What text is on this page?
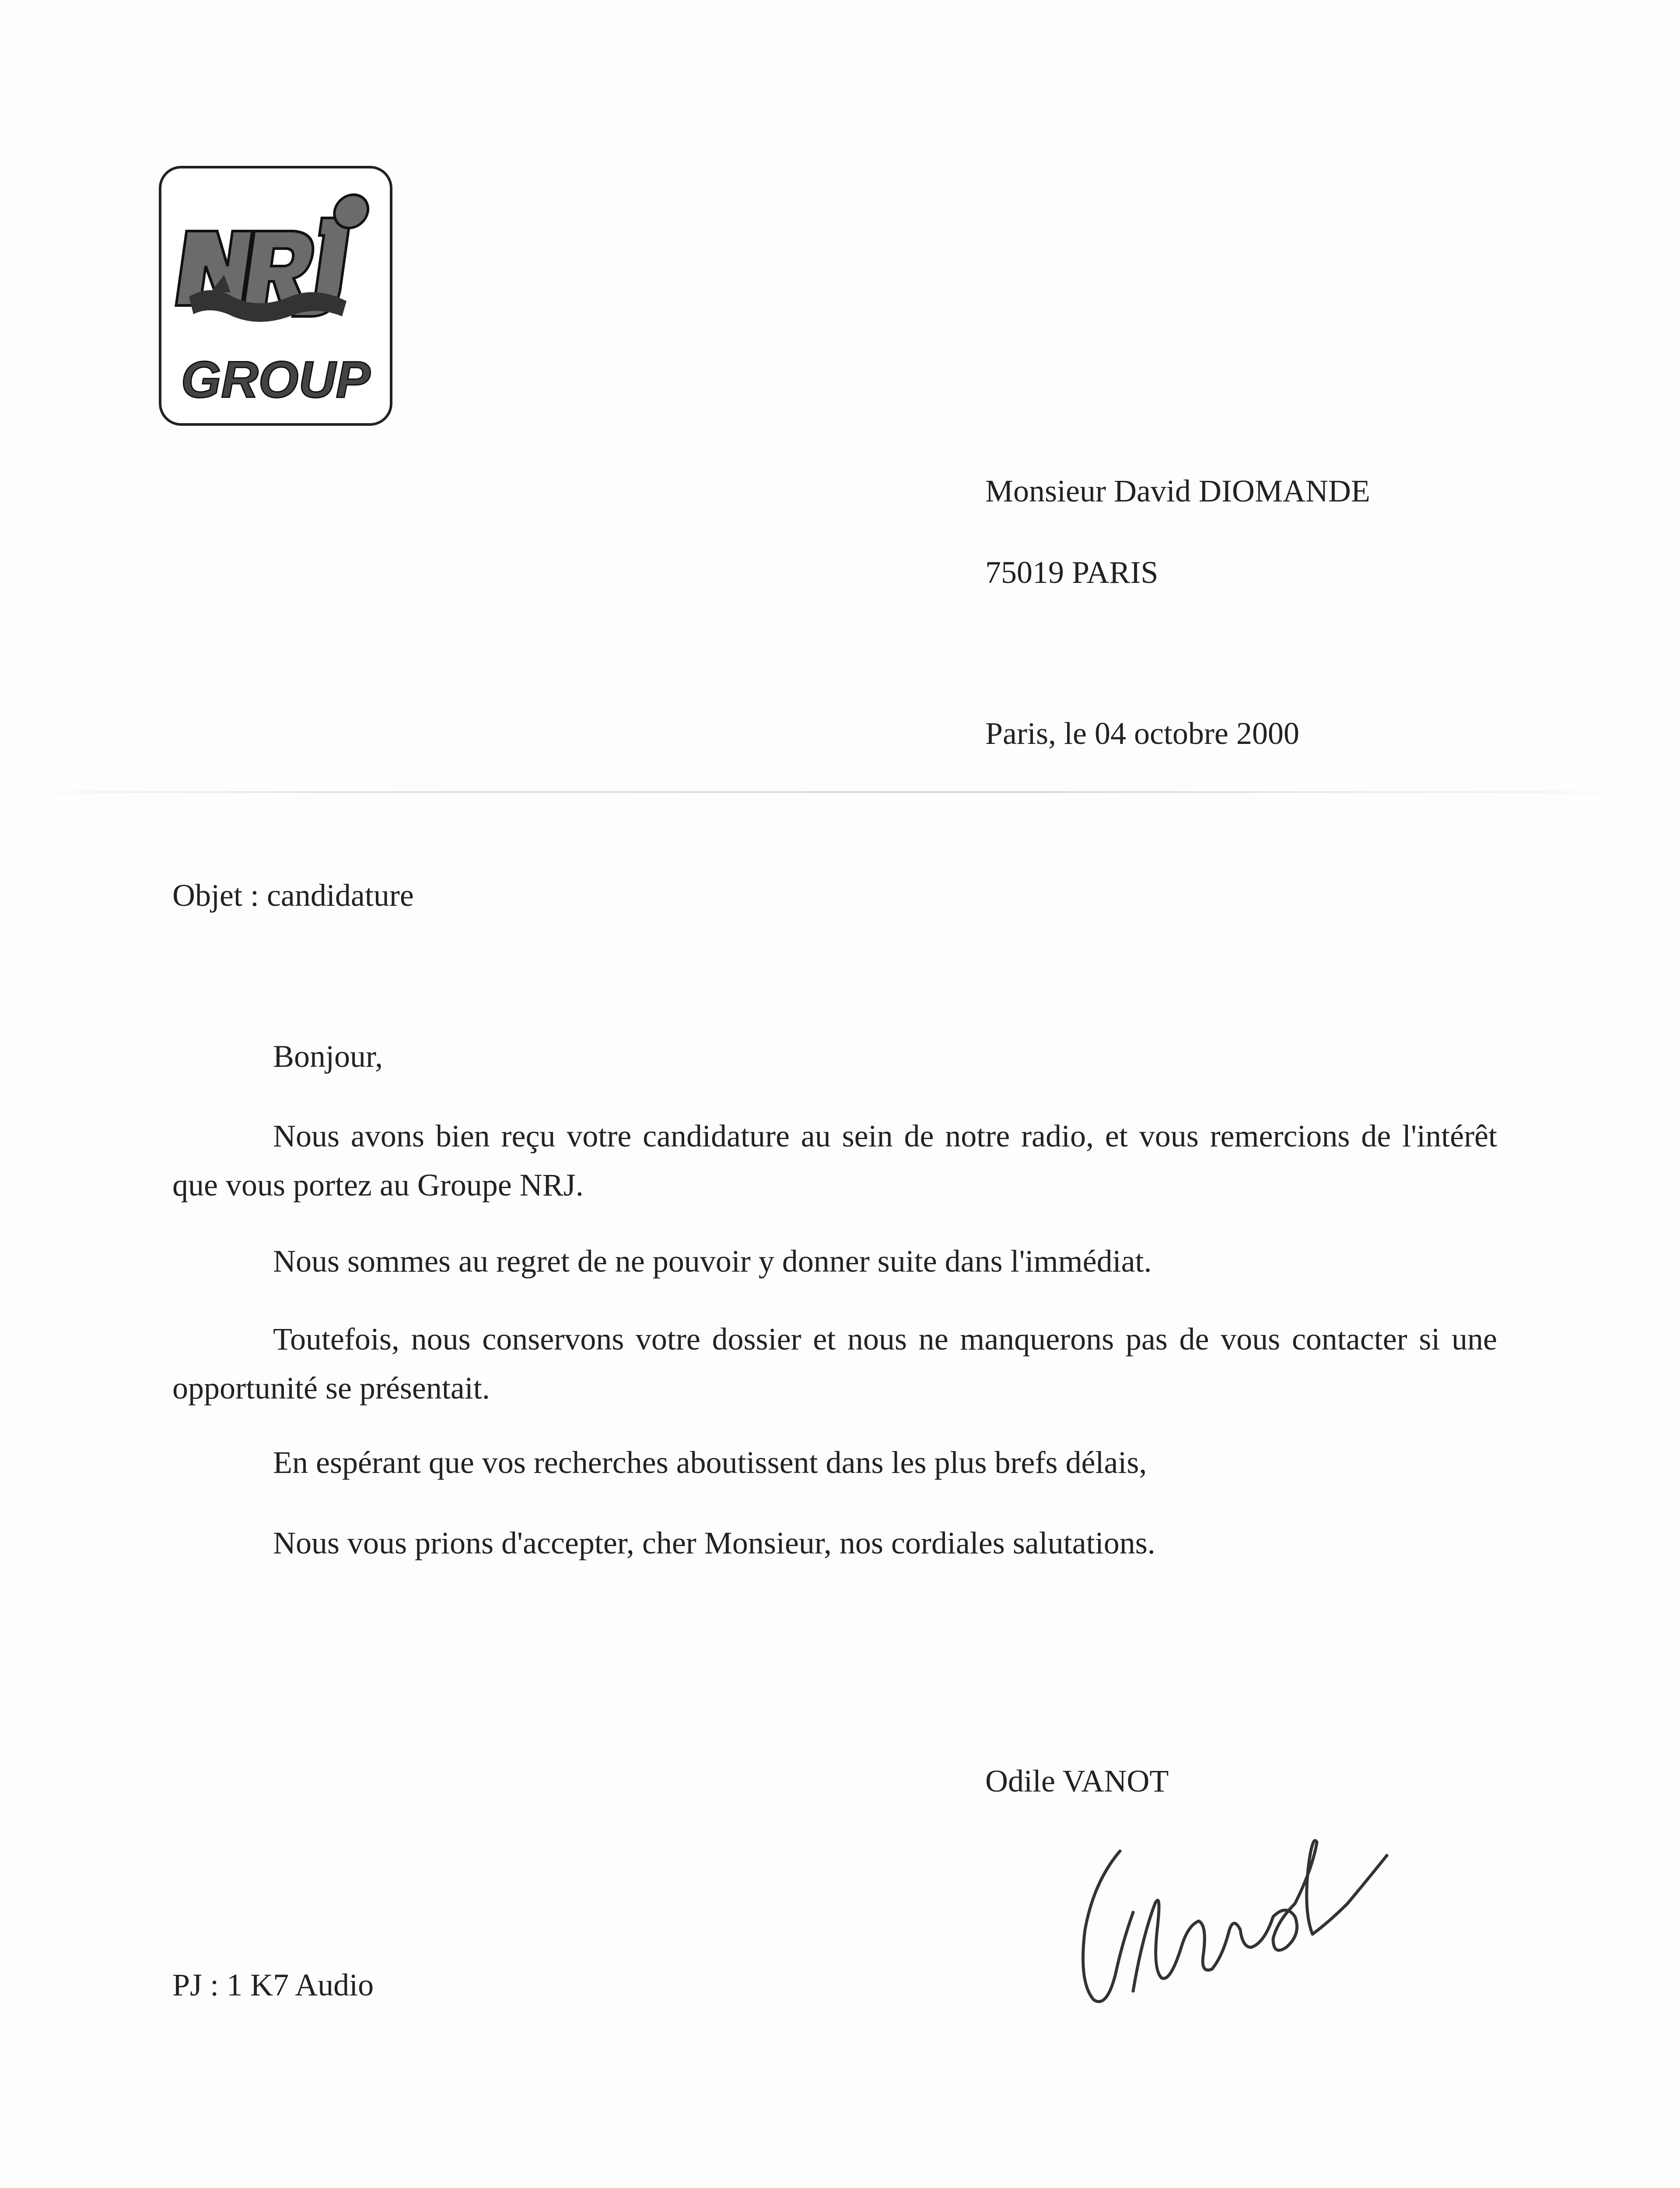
GROUP
Monsieur David DIOMANDE
75019 PARIS
Paris, le 04 octobre 2000
Objet : candidature
Bonjour,
Nous avons bien reçu votre candidature au sein de notre radio, et vous remercions de l'intérêt que vous portez au Groupe NRJ.
Nous sommes au regret de ne pouvoir y donner suite dans l'immédiat.
Toutefois, nous conservons votre dossier et nous ne manquerons pas de vous contacter si une opportunité se présentait.
En espérant que vos recherches aboutissent dans les plus brefs délais,
Nous vous prions d'accepter, cher Monsieur, nos cordiales salutations.
Odile VANOT
PJ : 1 K7 Audio
